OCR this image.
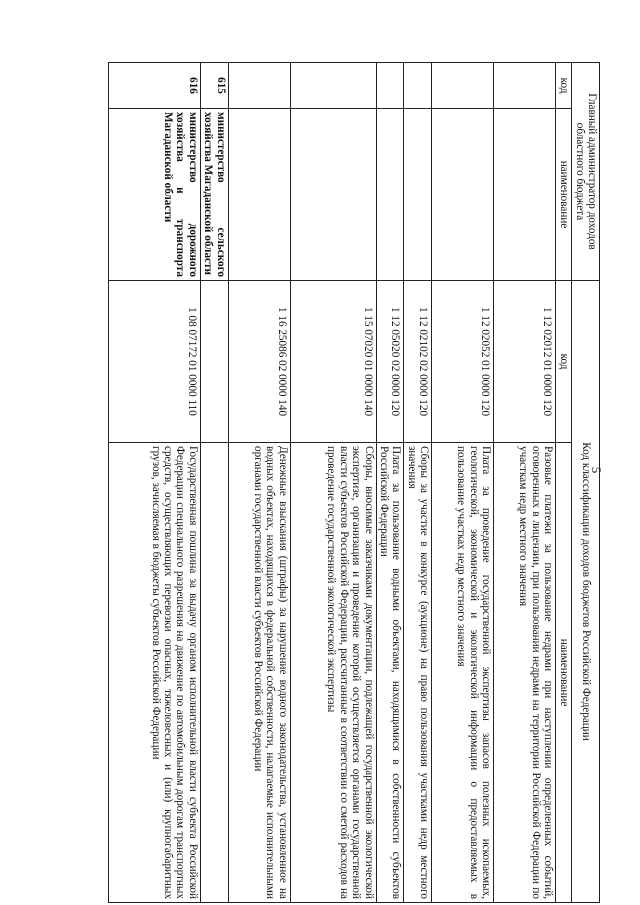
5
Главный администратор доходов областного бюджета		Код классификации доходов бюджетов Российской Федерации	
код	наименование	код	наименование
		1 12 02012 01 0000 120	Разовые платежи за пользование недрами при наступлении определенных событий, оговоренных в лицензии, при пользовании недрами на территории Российской Федерации по участкам недр местного значения
		1 12 02052 01 0000 120	Плата за проведение государственной экспертизы запасов полезных ископаемых, геологической, экономической и экологической информации о предоставляемых в пользование участках недр местного значения
		1 12 02102 02 0000 120	Сборы за участие в конкурсе (аукционе) на право пользования участками недр местного значения
		1 12 05020 02 0000 120	Плата за пользование водными объектами, находящимися в собственности субъектов Российской Федерации
		1 15 07020 01 0000 140	Сборы, вносимые заказчиками документации, подлежащей государственной экологической экспертизе, организация и проведение которой осуществляется органами государственной власти субъектов Российской Федерации, рассчитанные в соответствии со сметой расходов на проведение государственной экологической экспертизы
		1 16 25086 02 0000 140	Денежные взыскания (штрафы) за нарушение водного законодательства, установленное на водных объектах, находящихся в федеральной собственности, налагаемые исполнительными органами государственной власти субъектов Российской Федерации
615	министерство сельского хозяйства Магаданской области		
616	министерство дорожного хозяйства и транспорта Магаданской области	1 08 07172 01 0000 110	Государственная пошлина за выдачу органом исполнительной власти субъекта Российской Федерации специального разрешения на движение по автомобильным дорогам транспортных средств, осуществляющих перевозки опасных, тяжеловесных и (или) крупногабаритных грузов, зачисляемая в бюджеты субъектов Российской Федерации
